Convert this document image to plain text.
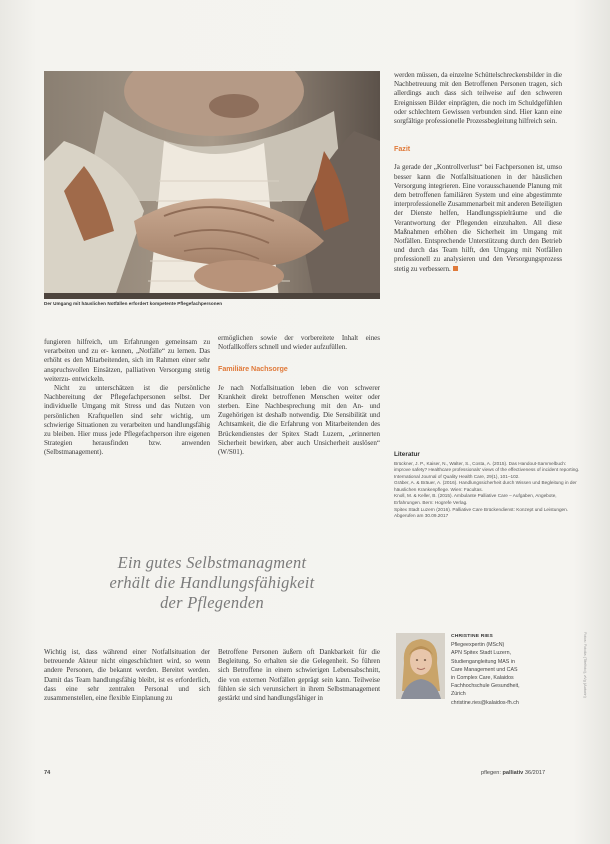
Der Umgang mit häuslichen Notfällen erfordert kompetente Pflegefachpersonen

fungieren hilfreich, um Erfahrungen gemeinsam zu verarbeiten und zu er- kennen, „Notfälle“ zu lernen. Das erhöht es den Mitarbeitenden, sich im Rahmen einer sehr anspruchsvollen Einsätzen, palliativen Versorgung stetig weiterzu- entwickeln.

Nicht zu unterschätzen ist die persönliche Nachbereitung der Pflegefachpersonen selbst. Der individuelle Umgang mit Stress und das Nutzen von persönlichen Kraftquellen sind sehr wichtig, um schwierige Situationen zu verarbeiten und handlungsfähig zu bleiben. Hier muss jede Pflegefachperson ihre eigenen Strategien herausfinden bzw. anwenden (Selbstmanagement).

ermöglichen sowie der vorbereitete Inhalt eines Notfallkoffers schnell und wieder aufzufüllen.

Familiäre Nachsorge

Je nach Notfallsituation leben die von schwerer Krankheit direkt betroffenen Menschen weiter oder sterben. Eine Nachbesprechung mit den An- und Zugehörigen ist deshalb notwendig. Die Sensibilität und Achtsamkeit, die die Erfahrung von Mitarbeitenden des Brückendienstes der Spitex Stadt Luzern, „erinnerten Sicherheit bewirken, aber auch Unsicherheit auslösen“ (W/S01).

werden müssen, da einzelne Schüttelschreckensbilder in die Nachbetreuung mit den Betroffenen Personen tragen, sich allerdings auch dass sich teilweise auf den schweren Ereignissen Bilder einprägten, die noch im Schuldgefühlen oder schlechtem Gewissen verbunden sind. Hier kann eine sorgfältige professionelle Prozessbegleitung hilfreich sein.

Fazit

Ja gerade der „Kontrollverlust“ bei Fachpersonen ist, umso besser kann die Notfallsituationen in der häuslichen Versorgung integrieren. Eine vorausschauende Planung mit dem betroffenen familiären System und eine abgestimmte interprofessionelle Zusammenarbeit mit anderen Beteiligten der Dienste helfen, Handlungsspielräume und die Verantwortung der Pflegenden einzuhalten. All diese Maßnahmen erhöhen die Sicherheit im Umgang mit Notfällen. Entsprechende Unterstützung durch den Betrieb und durch das Team hilft, den Umgang mit Notfällen professionell zu analysieren und den Versorgungsprozess stetig zu verbessern.

Ein gutes Selbstmanagment
erhält die Handlungsfähigkeit
der Pflegenden

Wichtig ist, dass während einer Notfallsituation der betreuende Akteur nicht eingeschüchtert wird, so wenn andere Personen, die bekannt werden. Bereitet werden. Damit das Team handlungsfähig bleibt, ist es erforderlich, dass eine sehr zentralen Personal und sich zusammenstellen, eine flexible Einplanung zu

Betroffene Personen äußern oft Dankbarkeit für die Begleitung. So erhalten sie die Gelegenheit. So führen sich Betroffene in einem schwierigen Lebensabschnitt, die von externen Notfällen geprägt sein kann. Teilweise fühlen sie sich verunsichert in ihrem Selbstmanagement gestärkt und sind handlungsfähiger in

Literatur
Brückner, J. P., Kaiser, N., Walter, S., Costa, A. (2015). Das Handout-Sammelbuch: improve safety? Healthcare professionals' views of the effectiveness of incident reporting. International Journal of Quality Health Care, 29(1), 101–102.
Gräber, A. & Bräuer, A. (2016). Handlungssicherheit durch Wissen und Begleitung in der häuslichen Krankenpflege. Wien: Facultas.
Knoll, M. & Keller, B. (2015). Ambulante Palliative Care – Aufgaben, Angebote, Erfahrungen. Bern: Hogrefe Verlag.
Spitex Stadt Luzern (2016). Palliative Care Brückendienst: Konzept und Leistungen. Abgerufen am 30.09.2017
CHRISTINE RIES
Pflegeexpertin (MScN)
APN Spitex Stadt Luzern,
Studiengangleitung MAS in
Care Management und CAS
in Complex Care, Kalaidos
Fachhochschule Gesundheit,
Zürich
christine.ries@kalaidos-fh.ch
Fotos: Fotolia (Titelfoto), zVg (Autorin)
74	pflegen: palliativ 36/2017
